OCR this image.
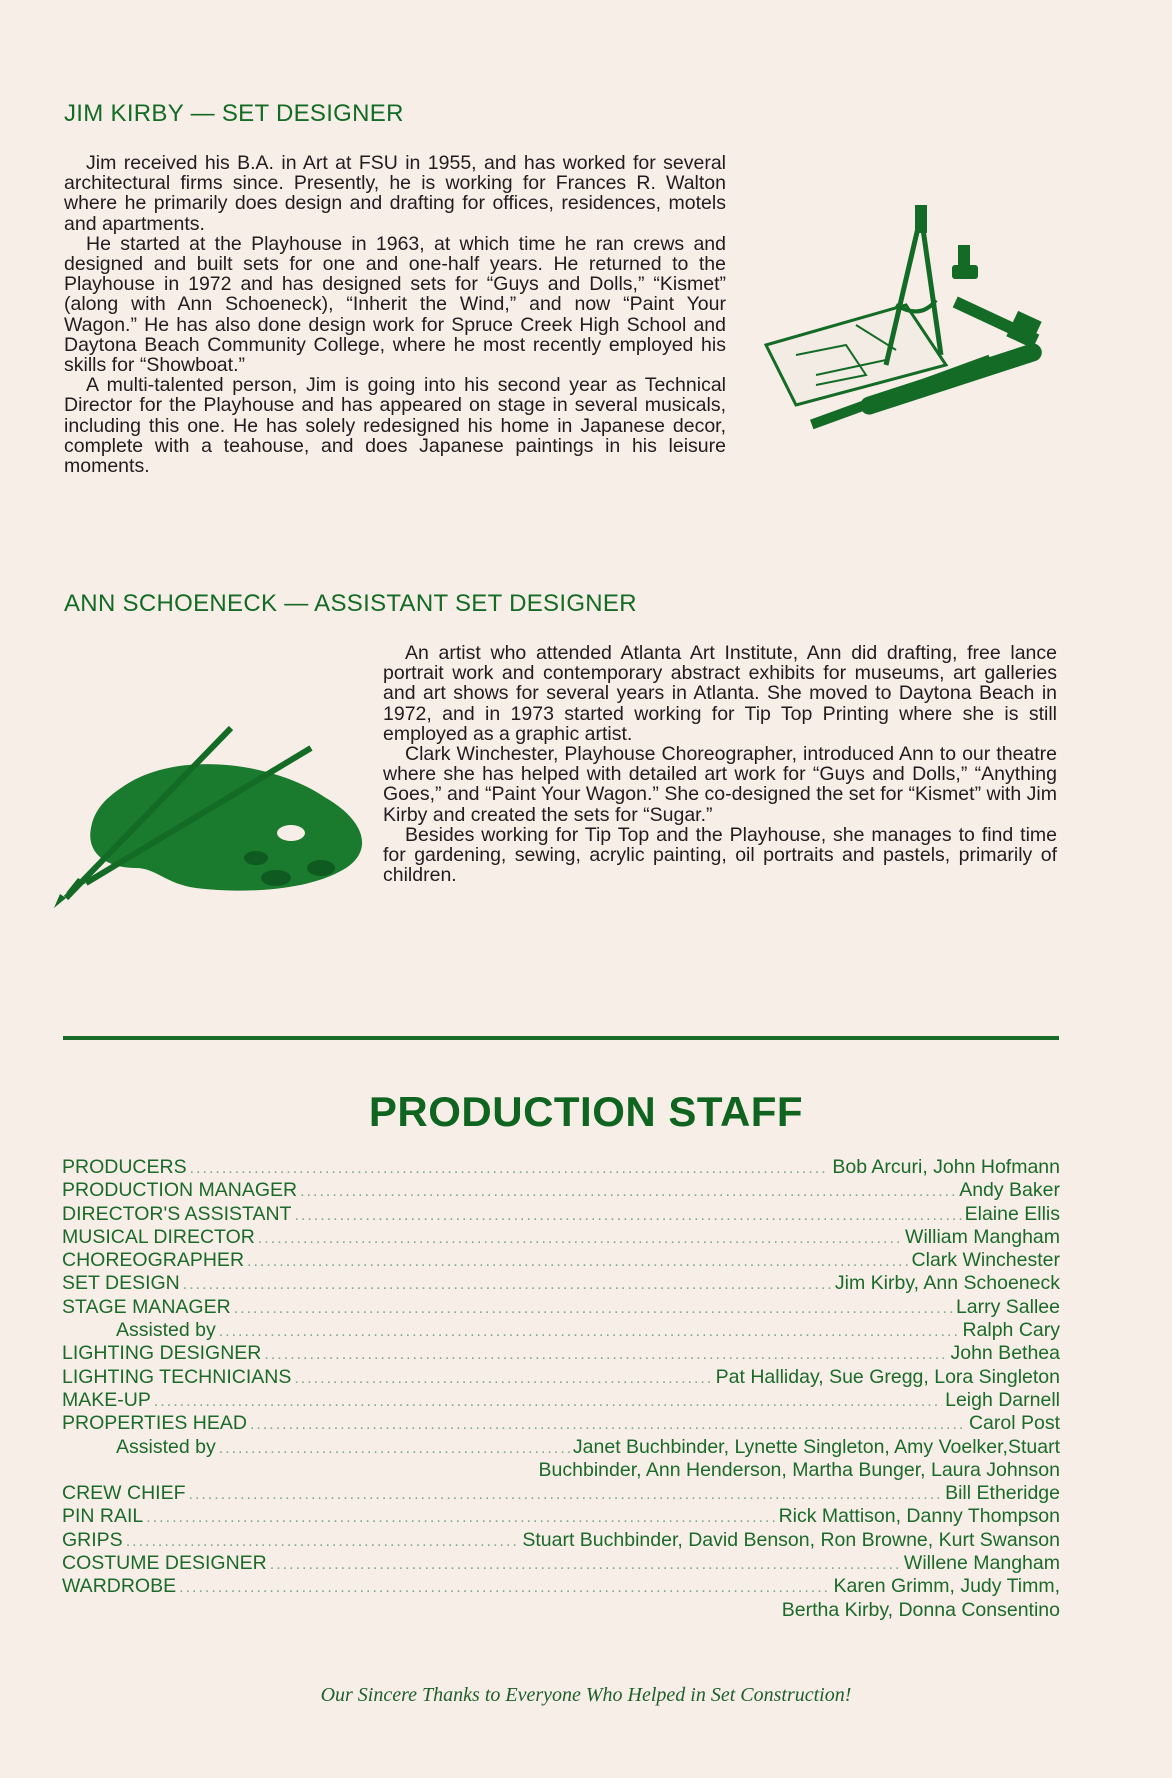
JIM KIRBY — SET DESIGNER

Jim received his B.A. in Art at FSU in 1955, and has worked for several architectural firms since. Presently, he is working for Frances R. Walton where he primarily does design and drafting for offices, residences, motels and apartments.

He started at the Playhouse in 1963, at which time he ran crews and designed and built sets for one and one-half years. He returned to the Playhouse in 1972 and has designed sets for “Guys and Dolls,” “Kismet” (along with Ann Schoeneck), “Inherit the Wind,” and now “Paint Your Wagon.” He has also done design work for Spruce Creek High School and Daytona Beach Community College, where he most recently employed his skills for “Showboat.”

A multi-talented person, Jim is going into his second year as Technical Director for the Playhouse and has appeared on stage in several musicals, including this one. He has solely redesigned his home in Japanese decor, complete with a teahouse, and does Japanese paintings in his leisure moments.

ANN SCHOENECK — ASSISTANT SET DESIGNER

An artist who attended Atlanta Art Institute, Ann did drafting, free lance portrait work and contemporary abstract exhibits for museums, art galleries and art shows for several years in Atlanta. She moved to Daytona Beach in 1972, and in 1973 started working for Tip Top Printing where she is still employed as a graphic artist.

Clark Winchester, Playhouse Choreographer, introduced Ann to our theatre where she has helped with detailed art work for “Guys and Dolls,” “Anything Goes,” and “Paint Your Wagon.” She co-designed the set for “Kismet” with Jim Kirby and created the sets for “Sugar.”

Besides working for Tip Top and the Playhouse, she manages to find time for gardening, sewing, acrylic painting, oil portraits and pastels, primarily of children.

PRODUCTION STAFF
PRODUCERS .....	Bob Arcuri, John Hofmann
PRODUCTION MANAGER .....	Andy Baker
DIRECTOR'S ASSISTANT .....	Elaine Ellis
MUSICAL DIRECTOR .....	William Mangham
CHOREOGRAPHER .....	Clark Winchester
SET DESIGN .....	Jim Kirby, Ann Schoeneck
STAGE MANAGER .....	Larry Sallee
Assisted by .....	Ralph Cary
LIGHTING DESIGNER .....	John Bethea
LIGHTING TECHNICIANS .....	Pat Halliday, Sue Gregg, Lora Singleton
MAKE-UP .....	Leigh Darnell
PROPERTIES HEAD .....	Carol Post
Assisted by .....	Janet Buchbinder, Lynette Singleton, Amy Voelker,Stuart
Buchbinder, Ann Henderson, Martha Bunger, Laura Johnson
CREW CHIEF .....	Bill Etheridge
PIN RAIL .....	Rick Mattison, Danny Thompson
GRIPS .....	Stuart Buchbinder, David Benson, Ron Browne, Kurt Swanson
COSTUME DESIGNER .....	Willene Mangham
WARDROBE .....	Karen Grimm, Judy Timm,
Bertha Kirby, Donna Consentino
Our Sincere Thanks to Everyone Who Helped in Set Construction!
